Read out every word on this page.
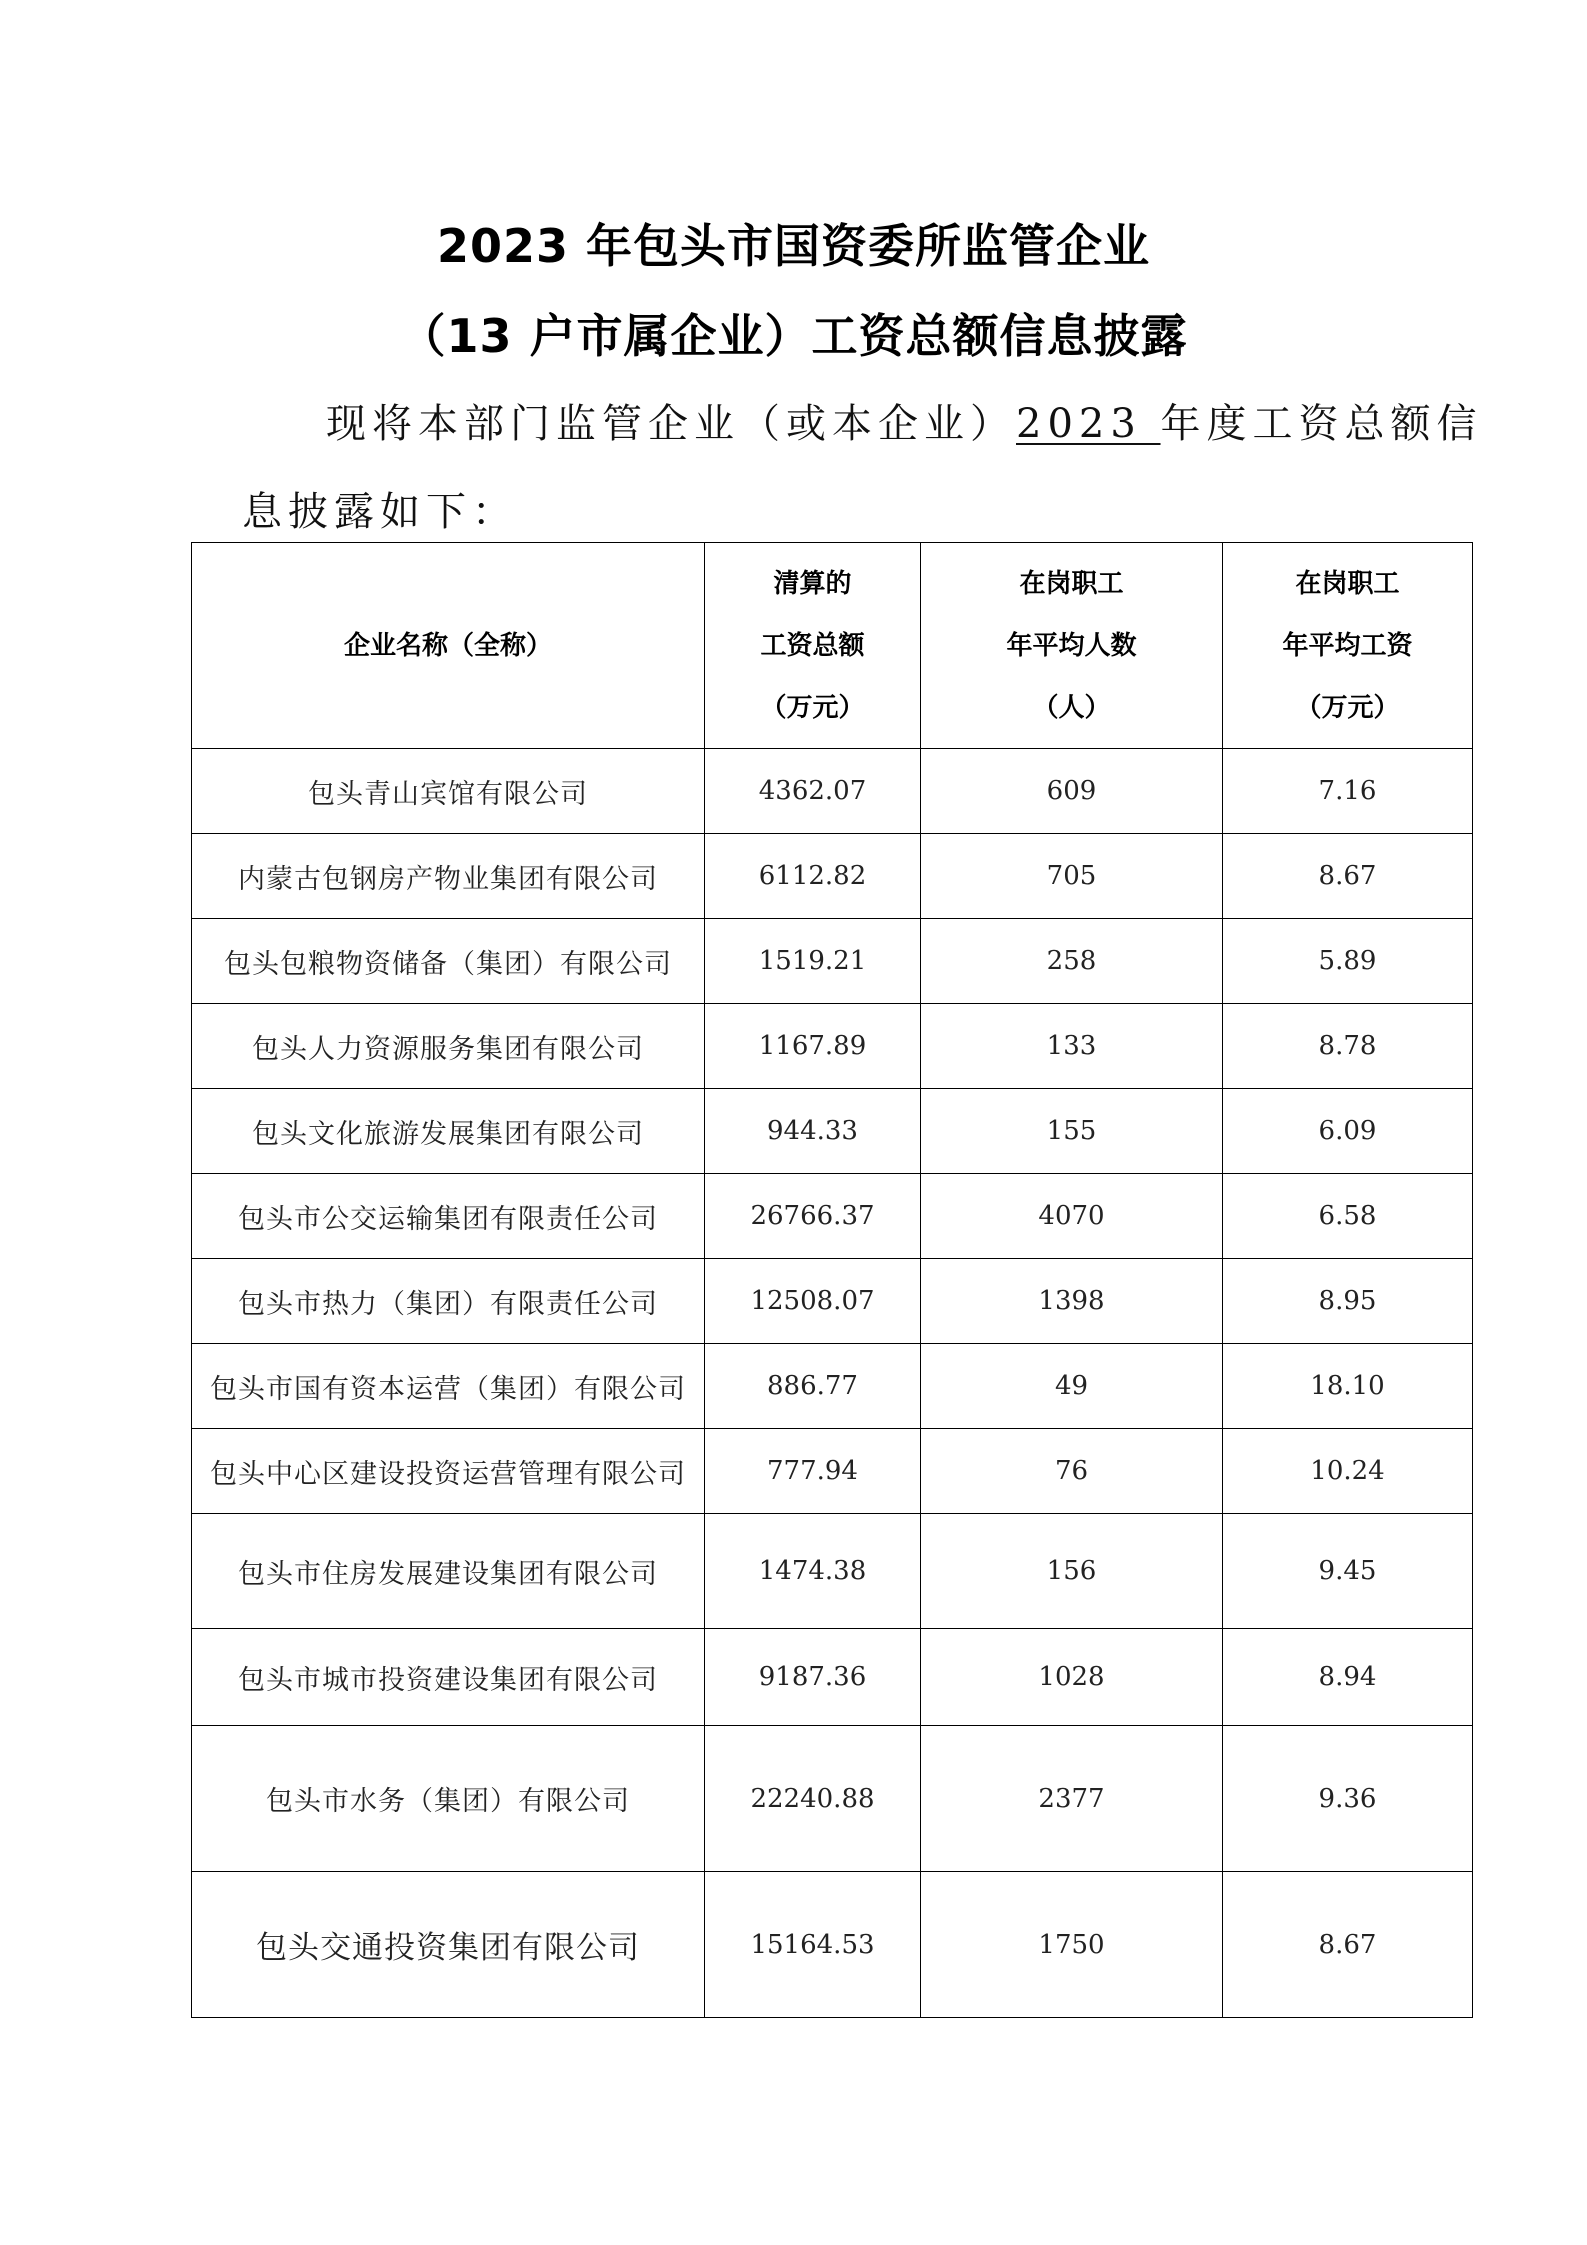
2023 年包头市国资委所监管企业
（13 户市属企业）工资总额信息披露
现将本部门监管企业（或本企业）2023 年度工资总额信
息披露如下：
企业名称（全称）	清算的
工资总额
（万元）	在岗职工
年平均人数
（人）	在岗职工
年平均工资
（万元）

包头青山宾馆有限公司	4362.07	609	7.16
内蒙古包钢房产物业集团有限公司	6112.82	705	8.67
包头包粮物资储备（集团）有限公司	1519.21	258	5.89
包头人力资源服务集团有限公司	1167.89	133	8.78
包头文化旅游发展集团有限公司	944.33	155	6.09
包头市公交运输集团有限责任公司	26766.37	4070	6.58
包头市热力（集团）有限责任公司	12508.07	1398	8.95
包头市国有资本运营（集团）有限公司	886.77	49	18.10
包头中心区建设投资运营管理有限公司	777.94	76	10.24
包头市住房发展建设集团有限公司	1474.38	156	9.45
包头市城市投资建设集团有限公司	9187.36	1028	8.94
包头市水务（集团）有限公司	22240.88	2377	9.36
包头交通投资集团有限公司	15164.53	1750	8.67
